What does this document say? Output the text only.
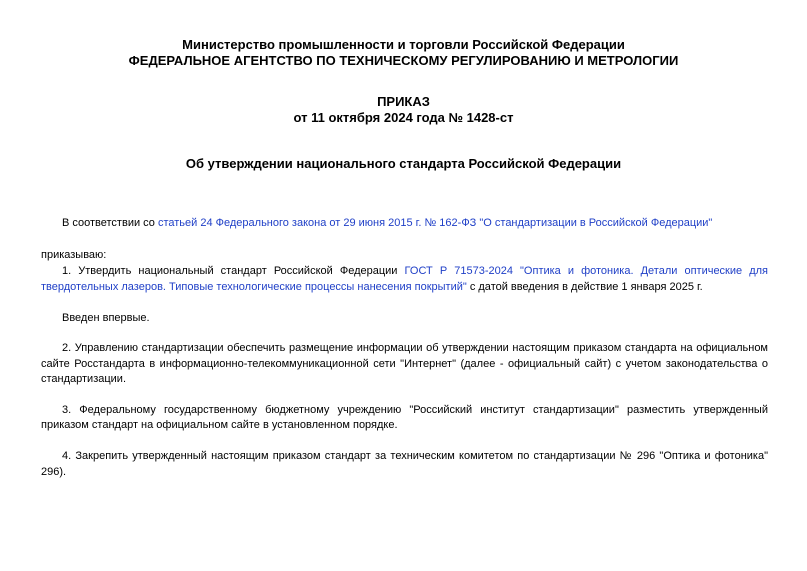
Министерство промышленности и торговли Российской Федерации
ФЕДЕРАЛЬНОЕ АГЕНТСТВО ПО ТЕХНИЧЕСКОМУ РЕГУЛИРОВАНИЮ И МЕТРОЛОГИИ
ПРИКАЗ
от 11 октября 2024 года № 1428-ст
Об утверждении национального стандарта Российской Федерации
В соответствии со статьей 24 Федерального закона от 29 июня 2015 г. № 162-ФЗ "О стандартизации в Российской Федерации"
приказываю:
1. Утвердить национальный стандарт Российской Федерации ГОСТ Р 71573-2024 "Оптика и фотоника. Детали оптические для
твердотельных лазеров. Типовые технологические процессы нанесения покрытий" с датой введения в действие 1 января 2025 г.
Введен впервые.
2. Управлению стандартизации обеспечить размещение информации об утверждении настоящим приказом стандарта на официальном
сайте Росстандарта в информационно-телекоммуникационной сети "Интернет" (далее - официальный сайт) с учетом законодательства о
стандартизации.
3. Федеральному государственному бюджетному учреждению "Российский институт стандартизации" разместить утвержденный
приказом стандарт на официальном сайте в установленном порядке.
4. Закрепить утвержденный настоящим приказом стандарт за техническим комитетом по стандартизации № 296 "Оптика и фотоника"
296).
